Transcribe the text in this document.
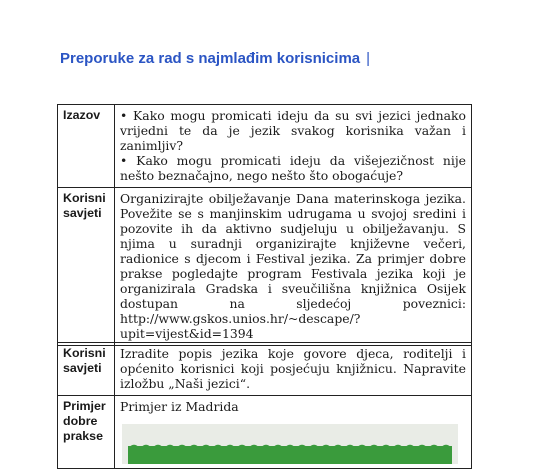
Preporuke za rad s najmlađim korisnicima |
Izazov	• Kako mogu promicati ideju da su svi jezici jednako vrijedni te da je jezik svakog korisnika važan i zanimljiv?
• Kako mogu promicati ideju da višejezičnost nije nešto beznačajno, nego nešto što obogaćuje?

Korisni
savjeti	Organizirajte obilježavanje Dana materinskoga jezika. Povežite se s manjinskim udrugama u svojoj sredini i pozovite ih da aktivno sudjeluju u obilježavanju. S njima u suradnji organizirajte književne večeri, radionice s djecom i Festival jezika. Za primjer dobre prakse pogledajte program Festivala jezika koji je organizirala Gradska i sveučilišna knjižnica Osijek dostupan na sljedećoj poveznici: http://www.gskos.unios.hr/~descape/?upit=vijest&id=1394
Korisni
savjeti	Izradite popis jezika koje govore djeca, roditelji i općenito korisnici koji posjećuju knjižnicu. Napravite izložbu „Naši jezici“.

Primjer
dobre
prakse	Primjer iz Madrida
